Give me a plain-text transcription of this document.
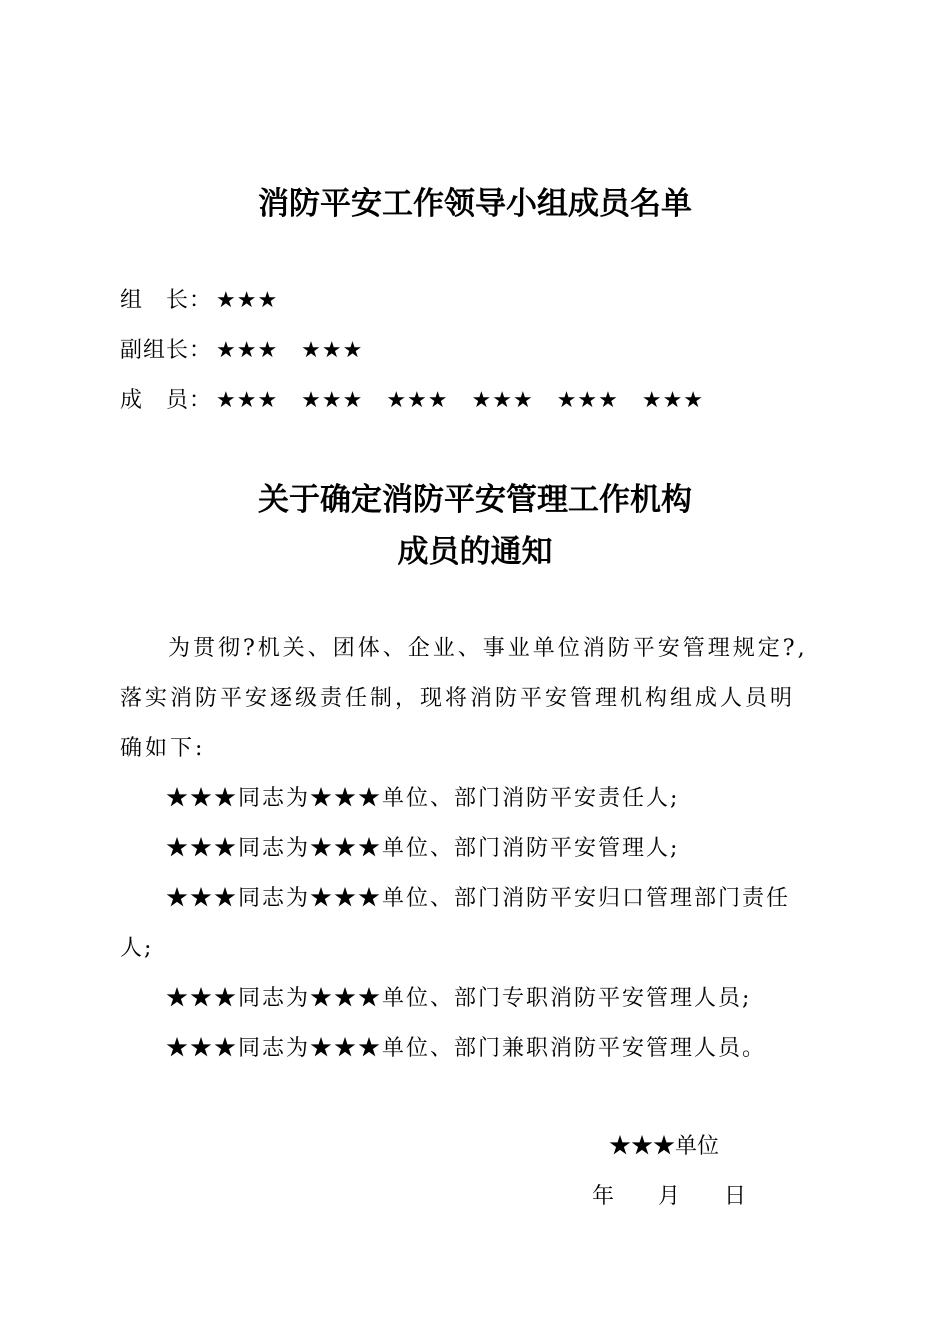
消防平安工作领导小组成员名单
组　长： ★★★
副组长： ★★★　★★★
成　员： ★★★　★★★　★★★　★★★　★★★　★★★
关于确定消防平安管理工作机构
成员的通知
为贯彻?机关、团体、企业、事业单位消防平安管理规定?,
落实消防平安逐级责任制，现将消防平安管理机构组成人员明
确如下:
★★★同志为★★★单位、部门消防平安责任人;
★★★同志为★★★单位、部门消防平安管理人;
★★★同志为★★★单位、部门消防平安归口管理部门责任
人;
★★★同志为★★★单位、部门专职消防平安管理人员;
★★★同志为★★★单位、部门兼职消防平安管理人员。
★★★单位
年 月 日
